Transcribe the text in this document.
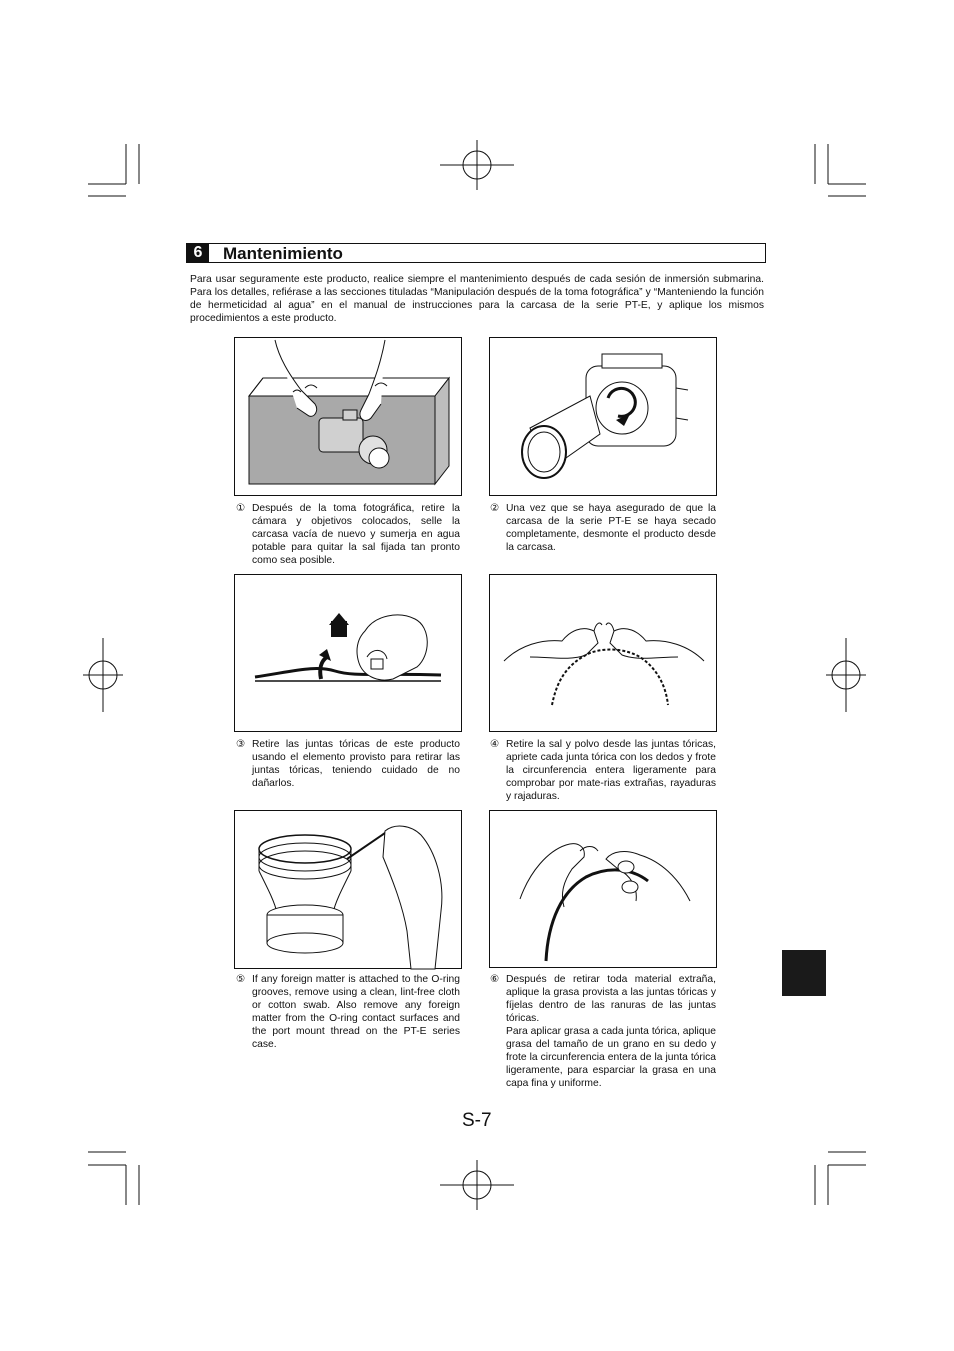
6	Mantenimiento
Para usar seguramente este producto, realice siempre el mantenimiento después de cada sesión de inmersión submarina. Para los detalles, refiérase a las secciones tituladas “Manipulación después de la toma fotográfica” y “Manteniendo la función de hermeticidad al agua” en el manual de instrucciones para la carcasa de la serie PT-E, y aplique los mismos procedimientos a este producto.
① Después de la toma fotográfica, retire la cámara y objetivos colocados, selle la carcasa vacía de nuevo y sumerja en agua potable para quitar la sal fijada tan pronto como sea posible.
② Una vez que se haya asegurado de que la carcasa de la serie PT-E se haya secado completamente, desmonte el producto desde la carcasa.
③ Retire las juntas tóricas de este producto usando el elemento provisto para retirar las juntas tóricas, teniendo cuidado de no dañarlos.
④ Retire la sal y polvo desde las juntas tóricas, apriete cada junta tórica con los dedos y frote la circunferencia entera ligeramente para comprobar por mate-rias extrañas, rayaduras y rajaduras.
⑤ If any foreign matter is attached to the O-ring grooves, remove using a clean, lint-free cloth or cotton swab. Also remove any foreign matter from the O-ring contact surfaces and the port mount thread on the PT-E series case.
⑥ Después de retirar toda material extraña, aplique la grasa provista a las juntas tóricas y fíjelas dentro de las ranuras de las juntas tóricas.
Para aplicar grasa a cada junta tórica, aplique grasa del tamaño de un grano en su dedo y frote la circunferencia entera de la junta tórica ligeramente, para esparciar la grasa en una capa fina y uniforme.
S-7
